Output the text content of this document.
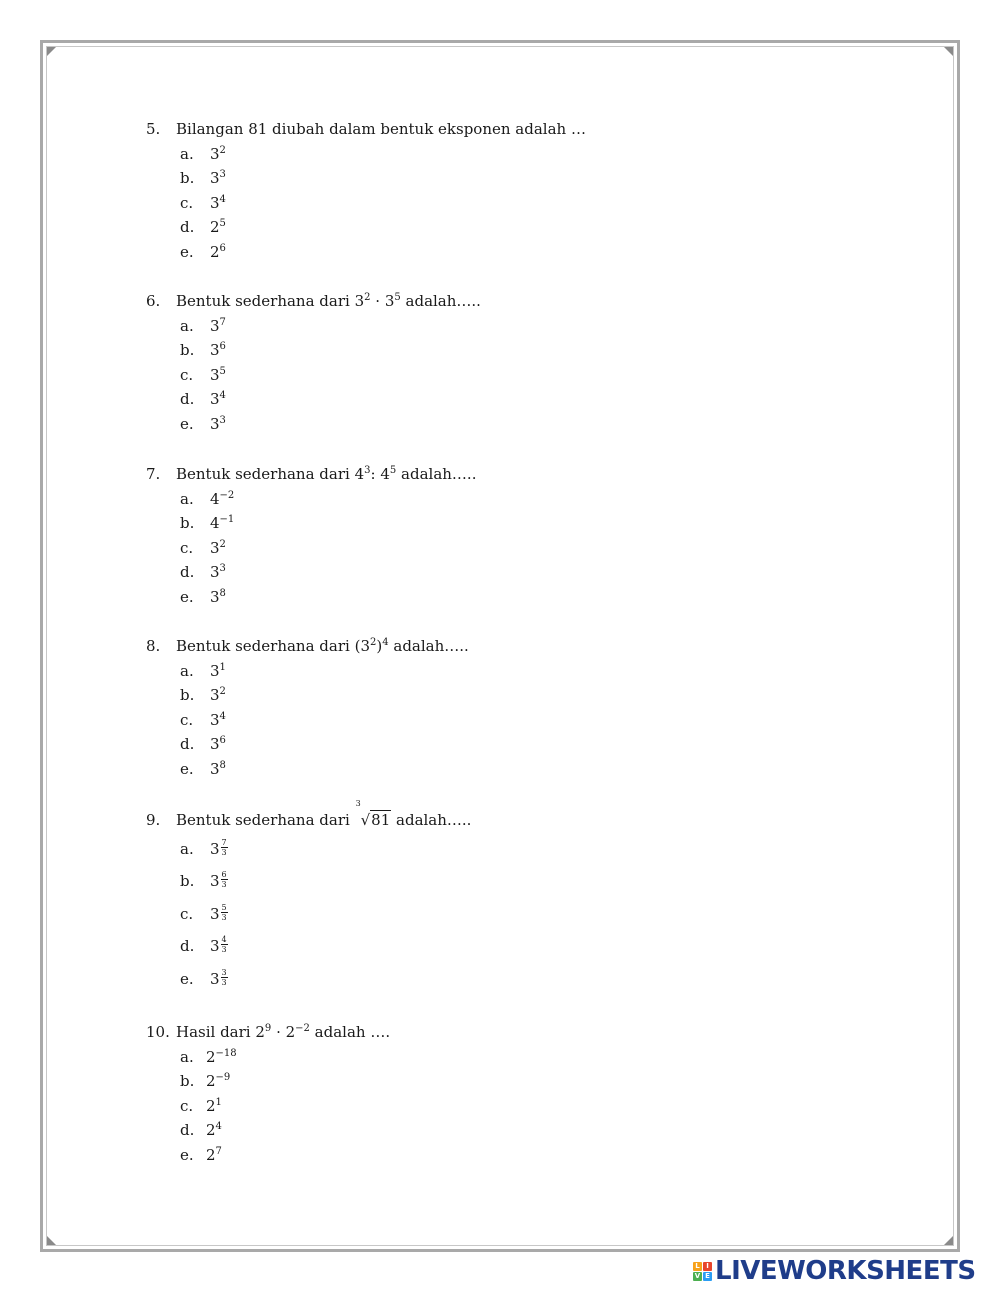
5. Bilangan 81 diubah dalam bentuk eksponen adalah …
a. $3^2$
b. $3^3$
c. $3^4$
d. $2^5$
e. $2^6$
6. Bentuk sederhana dari $3^2 \cdot 3^5$ adalah…..
a. $3^7$
b. $3^6$
c. $3^5$
d. $3^4$
e. $3^3$
7. Bentuk sederhana dari $4^3$: $4^5$ adalah…..
a. $4^{-2}$
b. $4^{-1}$
c. $3^2$
d. $3^3$
e. $3^8$
8. Bentuk sederhana dari $(3^2)^4$ adalah…..
a. $3^1$
b. $3^2$
c. $3^4$
d. $3^6$
e. $3^8$
9. Bentuk sederhana dari
3
√81 adalah…..
a. $3 \frac{7}{3}$
b. $3 \frac{6}{3}$
c. $3 \frac{5}{3}$
d. $3 \frac{4}{3}$
e. $3 \frac{3}{3}$
10. Hasil dari $2^9 \cdot 2^{-2}$ adalah ….
a. $2^{-18}$
b. $2^{-9}$
c. $2^1$
d. $2^4$
e. $2^7$
L I
V E LIVEWORKSHEETS
